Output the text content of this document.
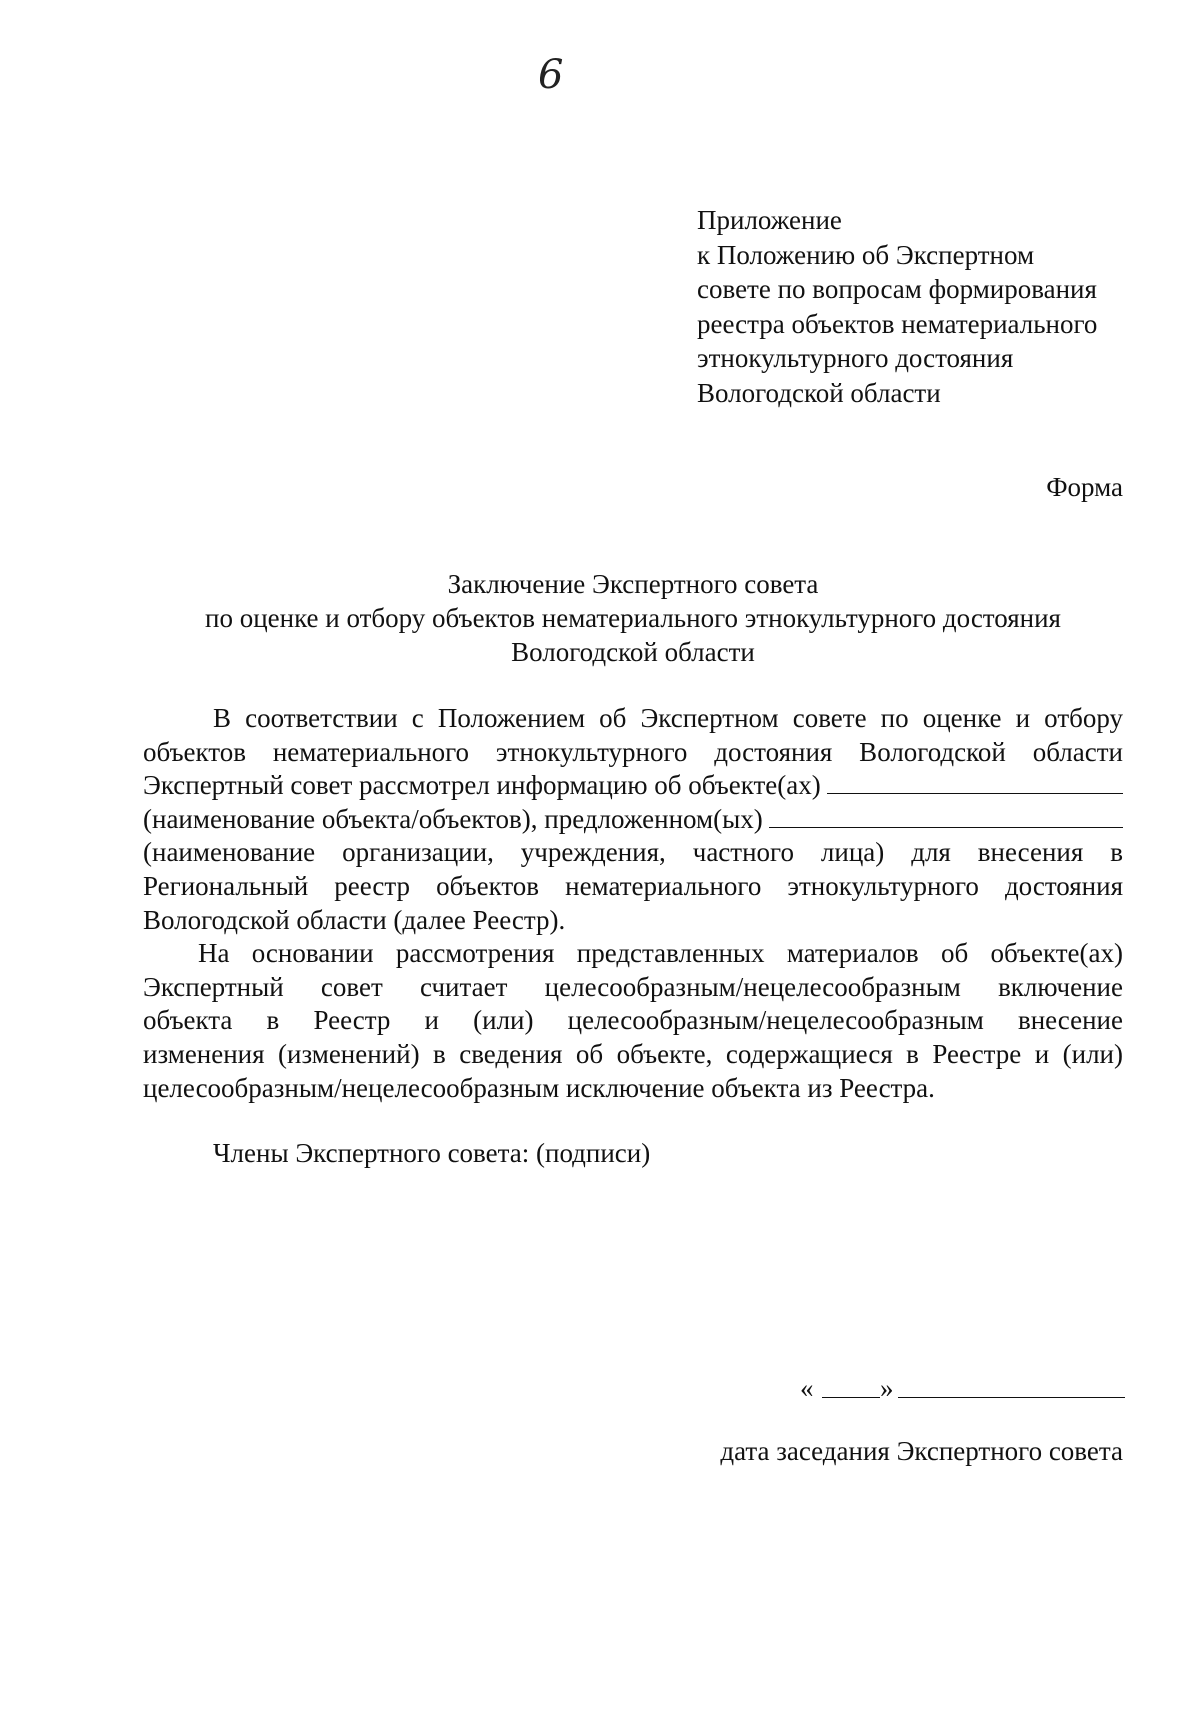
6
Приложение
к Положению об Экспертном
совете по вопросам формирования
реестра объектов нематериального
этнокультурного достояния
Вологодской области
Форма
Заключение Экспертного совета
по оценке и отбору объектов нематериального этнокультурного достояния
Вологодской области
В соответствии с Положением об Экспертном совете по оценке и отбору
объектов нематериального этнокультурного достояния Вологодской области
Экспертный совет рассмотрел информацию об объекте(ах)
(наименование объекта/объектов), предложенном(ых)
(наименование организации, учреждения, частного лица) для внесения в
Региональный реестр объектов нематериального этнокультурного достояния
Вологодской области (далее Реестр).
На основании рассмотрения представленных материалов об объекте(ах)
Экспертный совет считает целесообразным/нецелесообразным включение
объекта в Реестр и (или) целесообразным/нецелесообразным внесение
изменения (изменений) в сведения об объекте, содержащиеся в Реестре и (или)
целесообразным/нецелесообразным исключение объекта из Реестра.
Члены Экспертного совета: (подписи)
« »
дата заседания Экспертного совета
